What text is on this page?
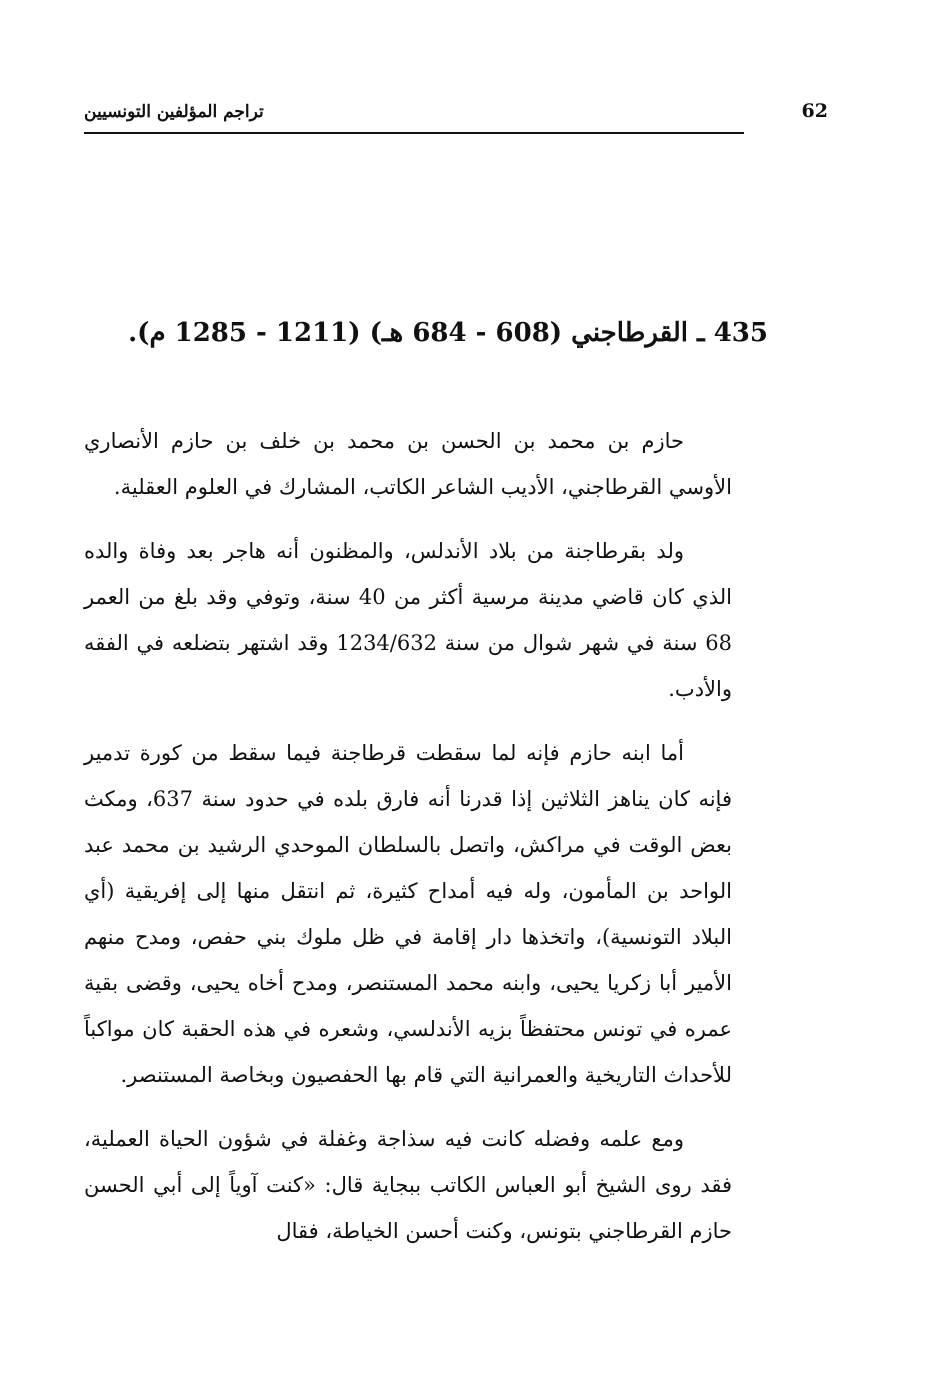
تراجم المؤلفين التونسيين	62
435 ـ القرطاجني (608 - 684 هـ) (1211 - 1285 م).

حازم بن محمد بن الحسن بن محمد بن خلف بن حازم الأنصاري الأوسي القرطاجني، الأديب الشاعر الكاتب، المشارك في العلوم العقلية.

ولد بقرطاجنة من بلاد الأندلس، والمظنون أنه هاجر بعد وفاة والده الذي كان قاضي مدينة مرسية أكثر من 40 سنة، وتوفي وقد بلغ من العمر 68 سنة في شهر شوال من سنة 1234/632 وقد اشتهر بتضلعه في الفقه والأدب.

أما ابنه حازم فإنه لما سقطت قرطاجنة فيما سقط من كورة تدمير فإنه كان يناهز الثلاثين إذا قدرنا أنه فارق بلده في حدود سنة 637، ومكث بعض الوقت في مراكش، واتصل بالسلطان الموحدي الرشيد بن محمد عبد الواحد بن المأمون، وله فيه أمداح كثيرة، ثم انتقل منها إلى إفريقية (أي البلاد التونسية)، واتخذها دار إقامة في ظل ملوك بني حفص، ومدح منهم الأمير أبا زكريا يحيى، وابنه محمد المستنصر، ومدح أخاه يحيى، وقضى بقية عمره في تونس محتفظاً بزيه الأندلسي، وشعره في هذه الحقبة كان مواكباً للأحداث التاريخية والعمرانية التي قام بها الحفصيون وبخاصة المستنصر.

ومع علمه وفضله كانت فيه سذاجة وغفلة في شؤون الحياة العملية، فقد روى الشيخ أبو العباس الكاتب ببجاية قال: «كنت آوياً إلى أبي الحسن حازم القرطاجني بتونس، وكنت أحسن الخياطة، فقال
